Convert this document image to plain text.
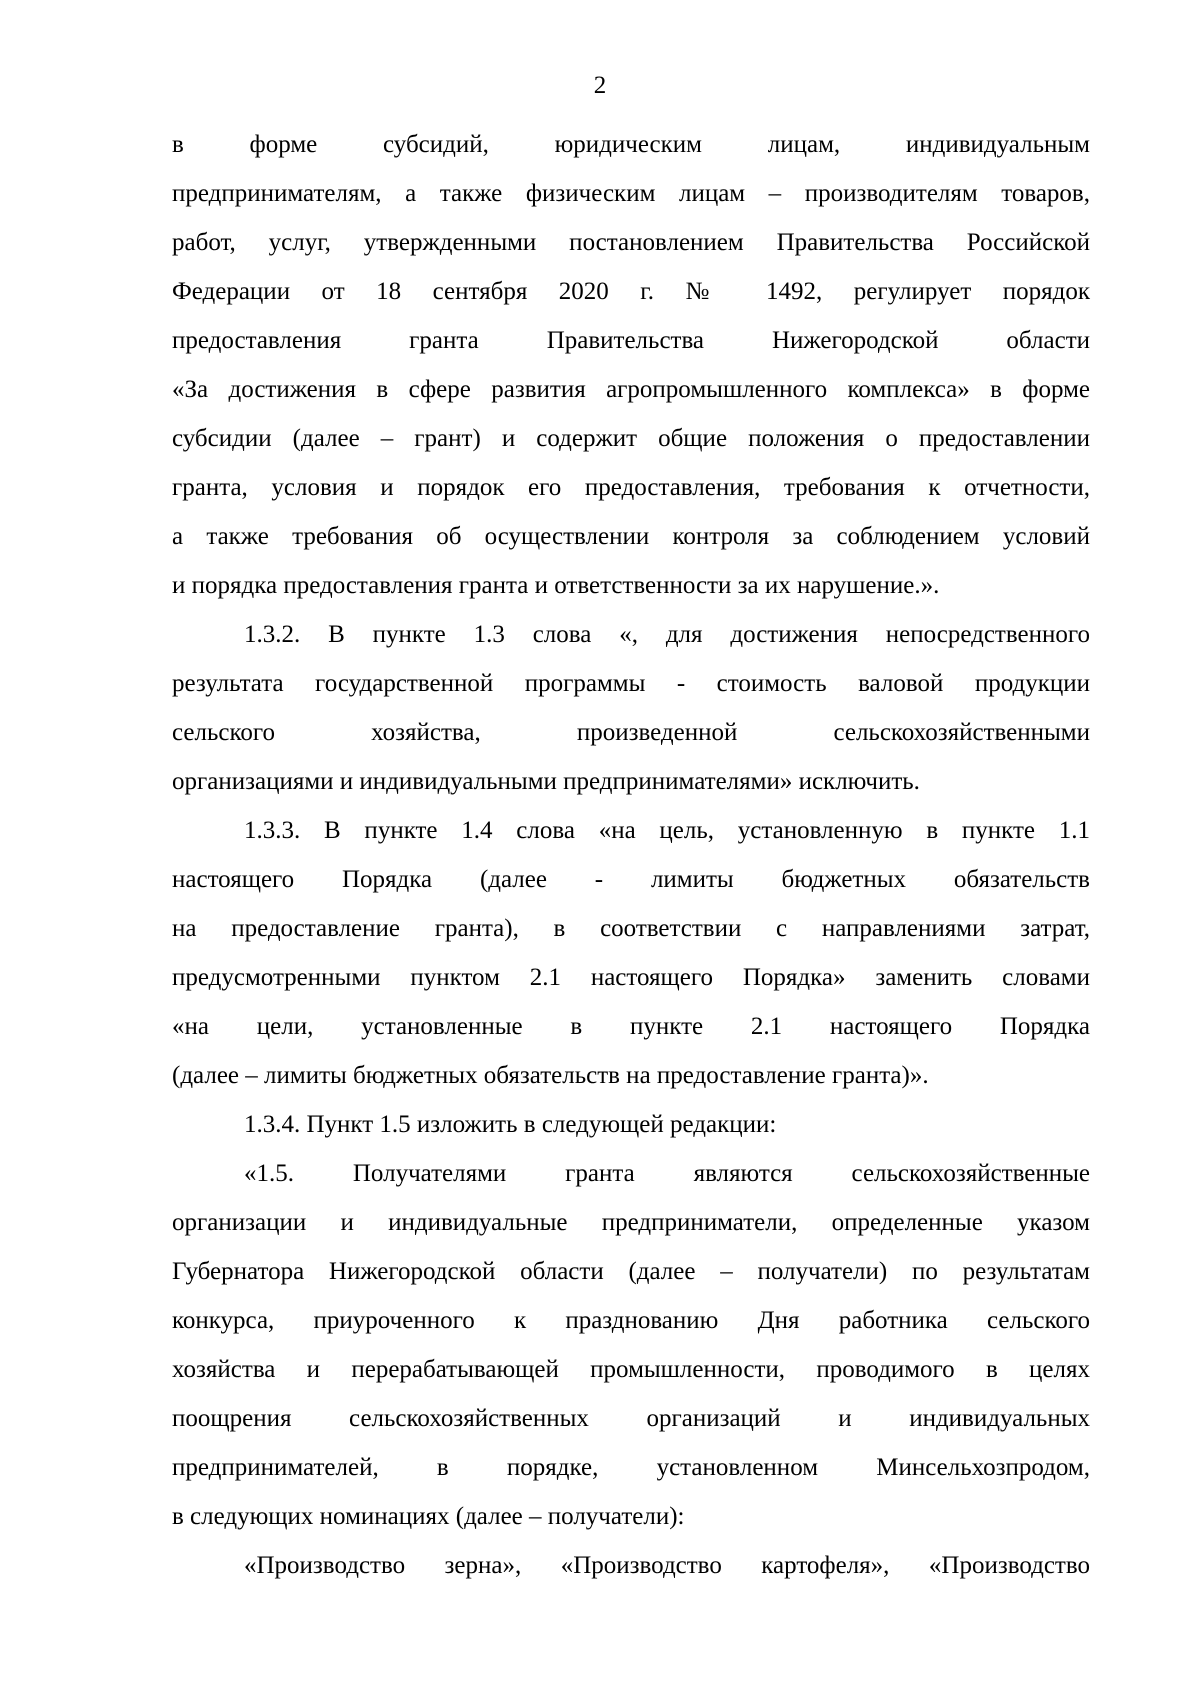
2
в форме субсидий, юридическим лицам, индивидуальным
предпринимателям, а также физическим лицам – производителям товаров,
работ, услуг, утвержденными постановлением Правительства Российской
Федерации от 18 сентября 2020 г. № 1492, регулирует порядок
предоставления гранта Правительства Нижегородской области
«За достижения в сфере развития агропромышленного комплекса» в форме
субсидии (далее – грант) и содержит общие положения о предоставлении
гранта, условия и порядок его предоставления, требования к отчетности,
а также требования об осуществлении контроля за соблюдением условий
и порядка предоставления гранта и ответственности за их нарушение.».
1.3.2. В пункте 1.3 слова «, для достижения непосредственного
результата государственной программы - стоимость валовой продукции
сельского хозяйства, произведенной сельскохозяйственными
организациями и индивидуальными предпринимателями» исключить.
1.3.3. В пункте 1.4 слова «на цель, установленную в пункте 1.1
настоящего Порядка (далее - лимиты бюджетных обязательств
на предоставление гранта), в соответствии с направлениями затрат,
предусмотренными пунктом 2.1 настоящего Порядка» заменить словами
«на цели, установленные в пункте 2.1 настоящего Порядка
(далее – лимиты бюджетных обязательств на предоставление гранта)».
1.3.4. Пункт 1.5 изложить в следующей редакции:
«1.5. Получателями гранта являются сельскохозяйственные
организации и индивидуальные предприниматели, определенные указом
Губернатора Нижегородской области (далее – получатели) по результатам
конкурса, приуроченного к празднованию Дня работника сельского
хозяйства и перерабатывающей промышленности, проводимого в целях
поощрения сельскохозяйственных организаций и индивидуальных
предпринимателей, в порядке, установленном Минсельхозпродом,
в следующих номинациях (далее – получатели):
«Производство зерна», «Производство картофеля», «Производство
